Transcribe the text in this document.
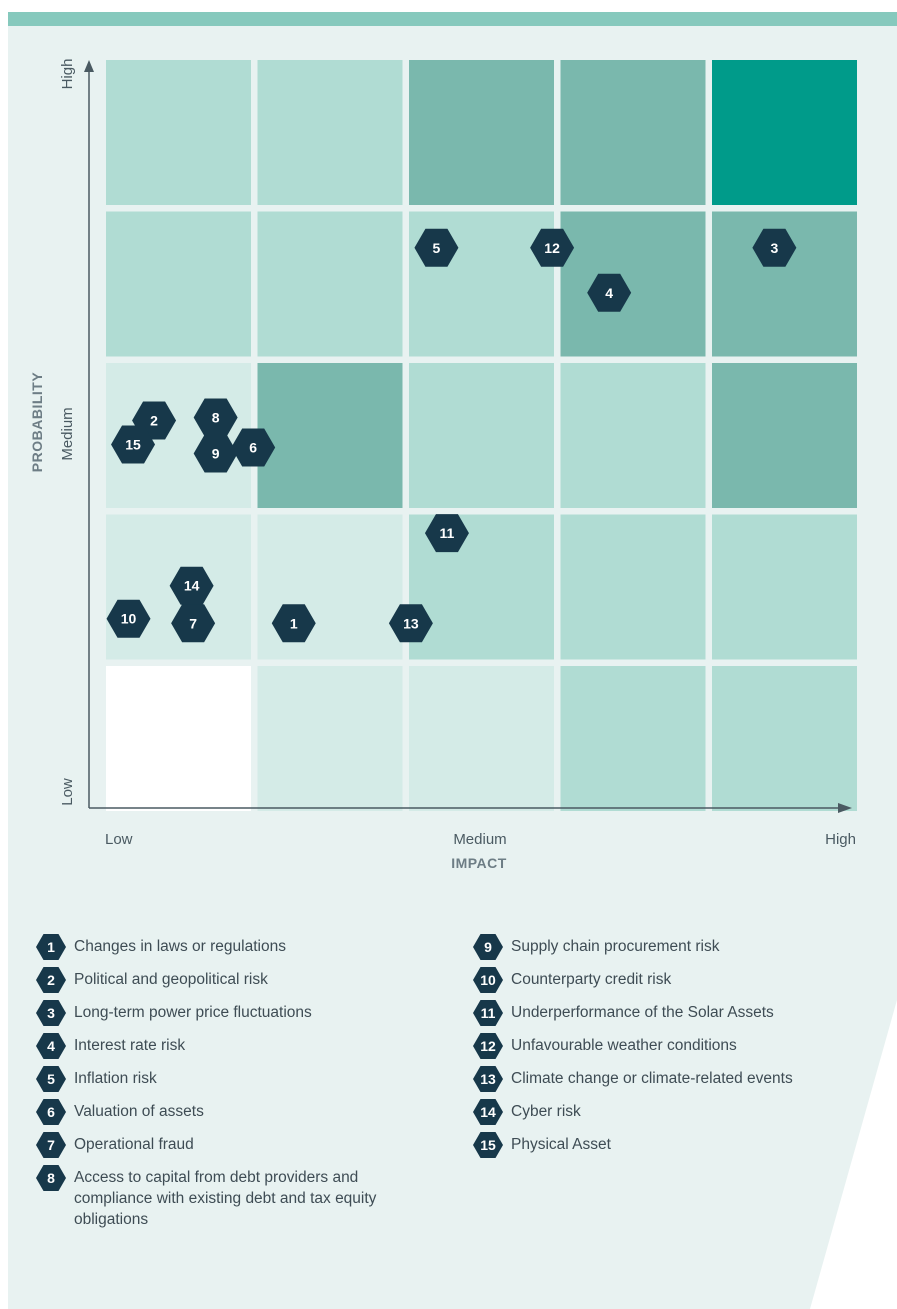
Low	Medium	High
IMPACT
Low
Medium
High
PROBABILITY
1
2
3
4
5
6
7
8
9
10
11
12
13
14
15
1 Changes in laws or regulations
2 Political and geopolitical risk
3 Long-term power price fluctuations
4 Interest rate risk
5 Inflation risk
6 Valuation of assets
7 Operational fraud
8 Access to capital from debt providers and compliance with existing debt and tax equity obligations
9 Supply chain procurement risk
10 Counterparty credit risk
11 Underperformance of the Solar Assets
12 Unfavourable weather conditions
13 Climate change or climate-related events
14 Cyber risk
15 Physical Asset
